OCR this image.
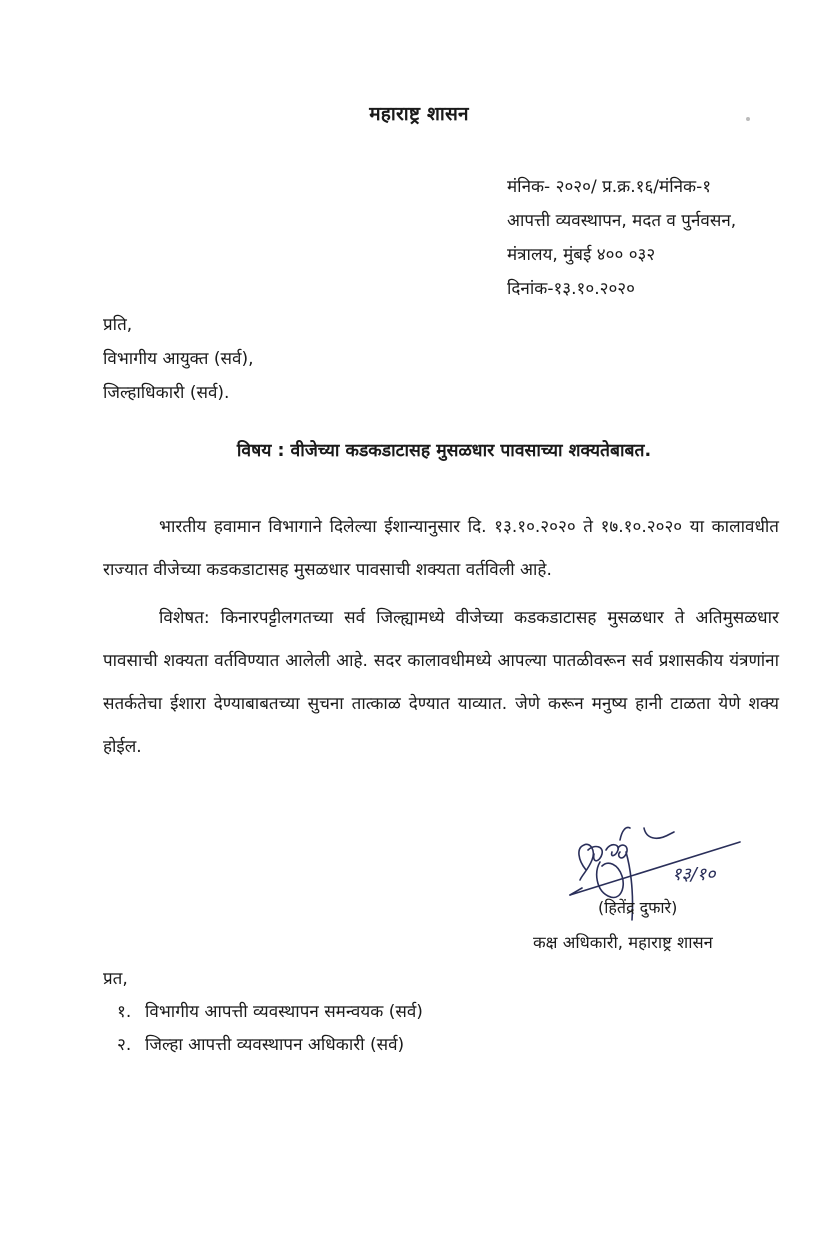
महाराष्ट्र शासन
मंनिक- २०२०/ प्र.क्र.१६/मंनिक-१
आपत्ती व्यवस्थापन, मदत व पुर्नवसन,
मंत्रालय, मुंबई ४०० ०३२
दिनांक-१३.१०.२०२०
प्रति,
विभागीय आयुक्त (सर्व),
जिल्हाधिकारी (सर्व).
विषय : वीजेच्या कडकडाटासह मुसळधार पावसाच्या शक्यतेबाबत.
भारतीय हवामान विभागाने दिलेल्या ईशान्यानुसार दि. १३.१०.२०२० ते १७.१०.२०२० या कालावधीत राज्यात वीजेच्या कडकडाटासह मुसळधार पावसाची शक्यता वर्तविली आहे.
विशेषत: किनारपट्टीलगतच्या सर्व जिल्ह्यामध्ये वीजेच्या कडकडाटासह मुसळधार ते अतिमुसळधार पावसाची शक्यता वर्तविण्यात आलेली आहे. सदर कालावधीमध्ये आपल्या पातळीवरून सर्व प्रशासकीय यंत्रणांना सतर्कतेचा ईशारा देण्याबाबतच्या सुचना तात्काळ देण्यात याव्यात. जेणे करून मनुष्य हानी टाळता येणे शक्य होईल.
१३/१०
(हितेंद्र दुफारे)
कक्ष अधिकारी, महाराष्ट्र शासन
प्रत,
१. विभागीय आपत्ती व्यवस्थापन समन्वयक (सर्व)
२. जिल्हा आपत्ती व्यवस्थापन अधिकारी (सर्व)
